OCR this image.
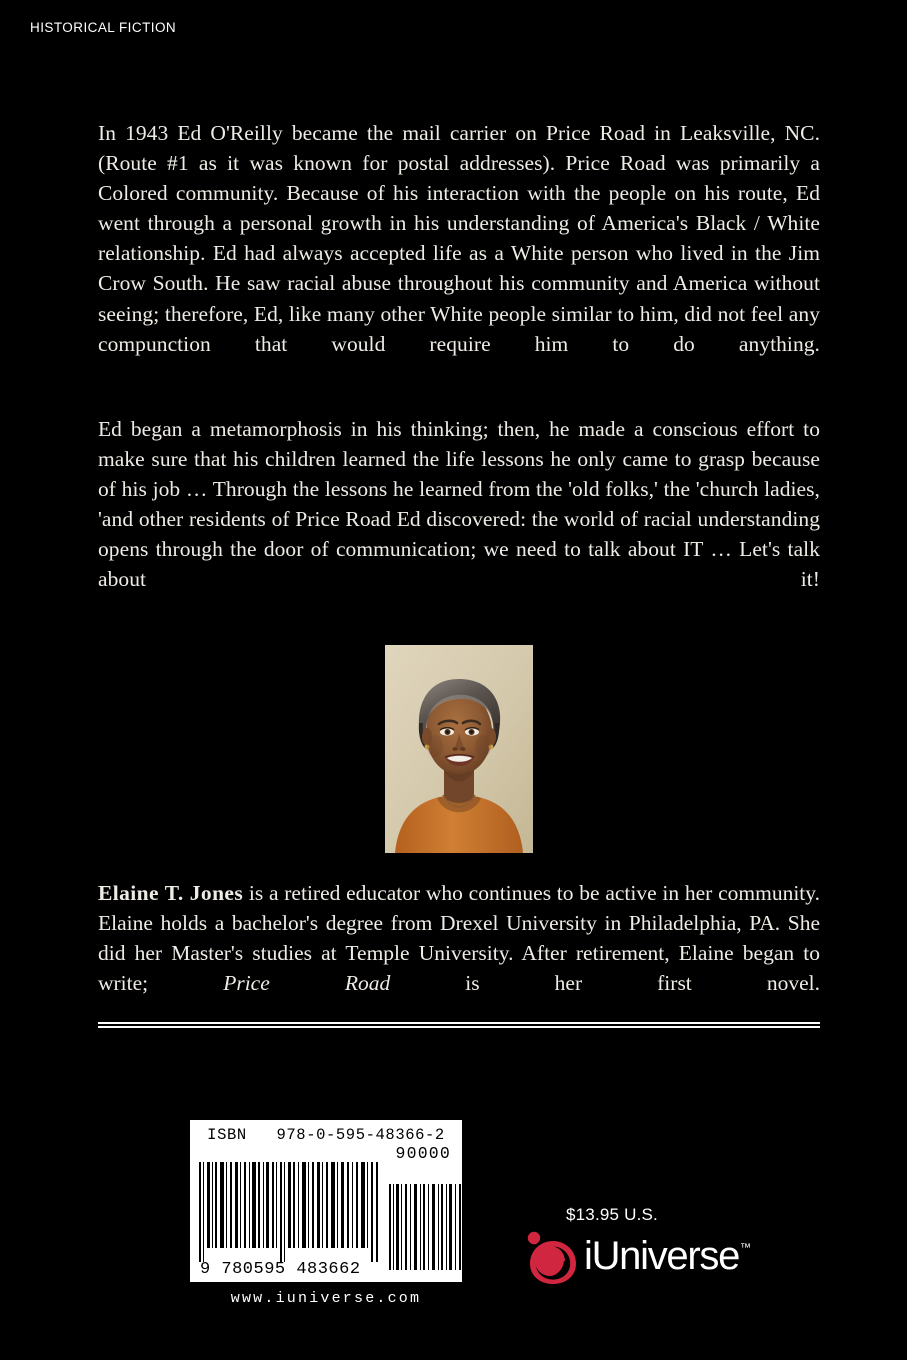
HISTORICAL FICTION

In 1943 Ed O'Reilly became the mail carrier on Price Road in Leaksville, NC. (Route #1 as it was known for postal addresses). Price Road was primarily a Colored community. Because of his interaction with the people on his route, Ed went through a personal growth in his understanding of America's Black / White relationship. Ed had always accepted life as a White person who lived in the Jim Crow South. He saw racial abuse throughout his community and America without seeing; therefore, Ed, like many other White people similar to him, did not feel any compunction that would require him to do anything.

Ed began a metamorphosis in his thinking; then, he made a conscious effort to make sure that his children learned the life lessons he only came to grasp because of his job … Through the lessons he learned from the 'old folks,' the 'church ladies, 'and other residents of Price Road Ed discovered: the world of racial understanding opens through the door of communication; we need to talk about IT … Let's talk about it!

Elaine T. Jones is a retired educator who continues to be active in her community. Elaine holds a bachelor's degree from Drexel University in Philadelphia, PA. She did her Master's studies at Temple University. After retirement, Elaine began to write; Price Road is her first novel.

ISBN 978-0-595-48366-2
90000
9 780595 483662
www.iuniverse.com
$13.95 U.S.
iUniverse™
